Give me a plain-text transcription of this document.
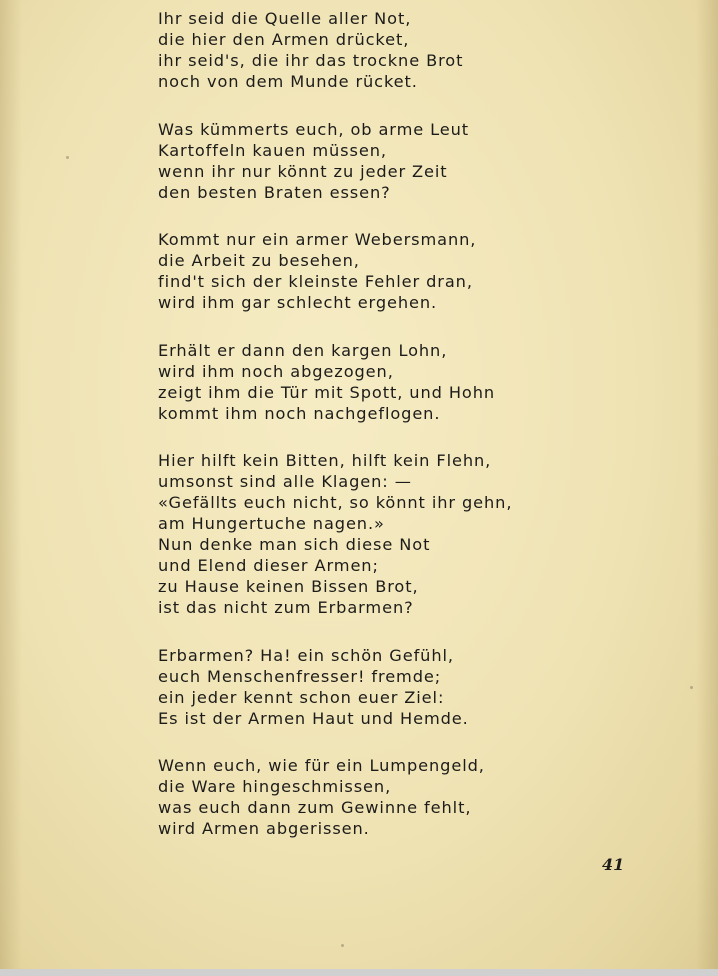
Ihr seid die Quelle aller Not,
die hier den Armen drücket,
ihr seid's, die ihr das trockne Brot
noch von dem Munde rücket.
Was kümmerts euch, ob arme Leut
Kartoffeln kauen müssen,
wenn ihr nur könnt zu jeder Zeit
den besten Braten essen?
Kommt nur ein armer Webersmann,
die Arbeit zu besehen,
find't sich der kleinste Fehler dran,
wird ihm gar schlecht ergehen.
Erhält er dann den kargen Lohn,
wird ihm noch abgezogen,
zeigt ihm die Tür mit Spott, und Hohn
kommt ihm noch nachgeflogen.
Hier hilft kein Bitten, hilft kein Flehn,
umsonst sind alle Klagen: —
«Gefällts euch nicht, so könnt ihr gehn,
am Hungertuche nagen.»
Nun denke man sich diese Not
und Elend dieser Armen;
zu Hause keinen Bissen Brot,
ist das nicht zum Erbarmen?
Erbarmen? Ha! ein schön Gefühl,
euch Menschenfresser! fremde;
ein jeder kennt schon euer Ziel:
Es ist der Armen Haut und Hemde.
Wenn euch, wie für ein Lumpengeld,
die Ware hingeschmissen,
was euch dann zum Gewinne fehlt,
wird Armen abgerissen.
41
